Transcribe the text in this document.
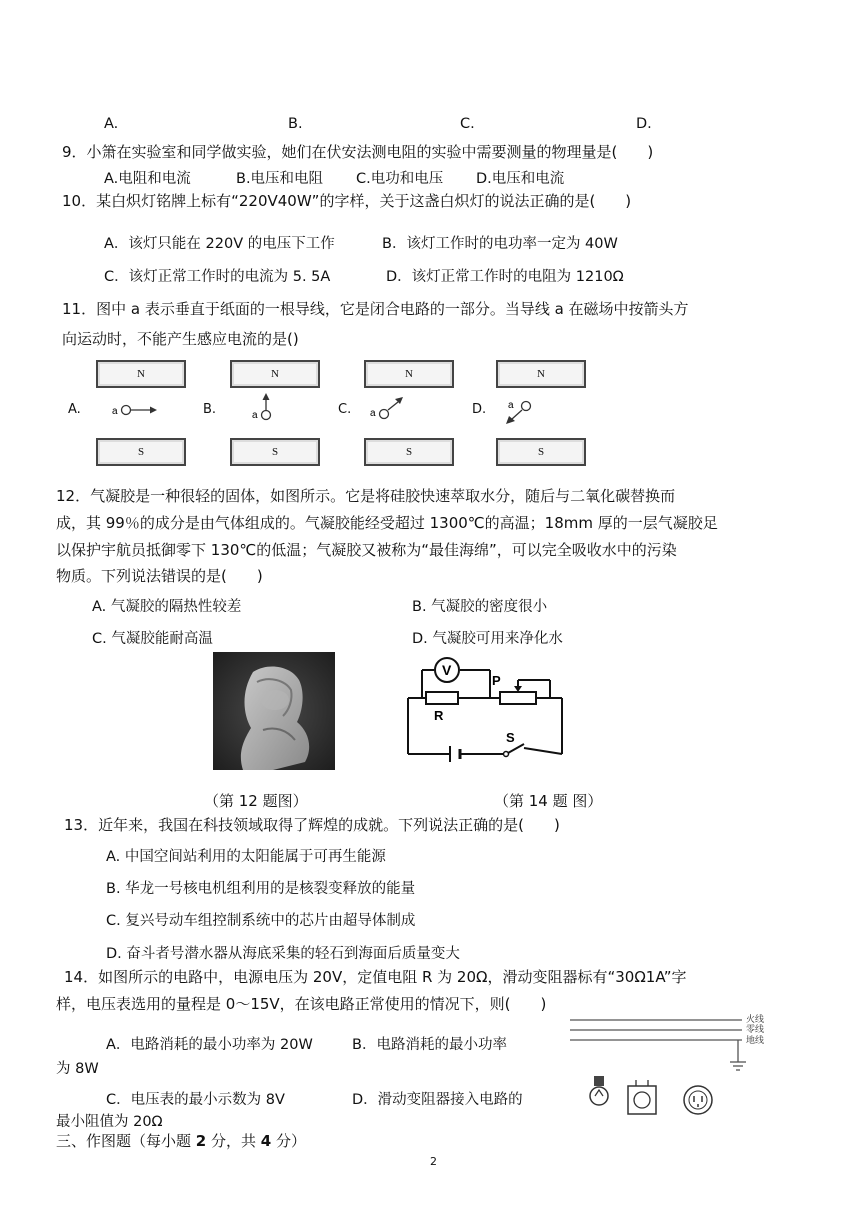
A.	B.	C.	D.
9．小箫在实验室和同学做实验，她们在伏安法测电阻的实验中需要测量的物理量是(　　)
A.电阻和电流	B.电压和电阻 C.电功和电压 D.电压和电流
10．某白炽灯铭牌上标有“220V40W”的字样，关于这盏白炽灯的说法正确的是(　　)
A．该灯只能在 220V 的电压下工作	B．该灯工作时的电功率一定为 40W
C．该灯正常工作时的电流为 5. 5A	D．该灯正常工作时的电阻为 1210Ω
11．图中 a 表示垂直于纸面的一根导线，它是闭合电路的一部分。当导线 a 在磁场中按箭头方
向运动时，不能产生感应电流的是()
N
A.	a
S
N
B.	a
S
N
C. a
S
N
D. a
S
12．气凝胶是一种很轻的固体，如图所示。它是将硅胶快速萃取水分，随后与二氧化碳替换而
成，其 99％的成分是由气体组成的。气凝胶能经受超过 1300℃的高温；18mm 厚的一层气凝胶足
以保护宇航员抵御零下 130℃的低温；气凝胶又被称为“最佳海绵”，可以完全吸收水中的污染
物质。下列说法错误的是(　　)
A. 气凝胶的隔热性较差	B. 气凝胶的密度很小
C. 气凝胶能耐高温	D. 气凝胶可用来净化水
V
P
R
S
（第 12 题图）	（第 14 题 图）
13．近年来，我国在科技领域取得了辉煌的成就。下列说法正确的是(　　)
A. 中国空间站利用的太阳能属于可再生能源
B. 华龙一号核电机组利用的是核裂变释放的能量
C. 复兴号动车组控制系统中的芯片由超导体制成
D. 奋斗者号潜水器从海底采集的轻石到海面后质量变大
14．如图所示的电路中，电源电压为 20V，定值电阻 R 为 20Ω，滑动变阻器标有“30Ω1A”字
样，电压表选用的量程是 0～15V，在该电路正常使用的情况下，则(　　)
A．电路消耗的最小功率为 20W	B．电路消耗的最小功率
为 8W
C．电压表的最小示数为 8V	D．滑动变阻器接入电路的
最小阻值为 20Ω
火线
零线
地线
三、作图题（每小题 2 分，共 4 分）
2
